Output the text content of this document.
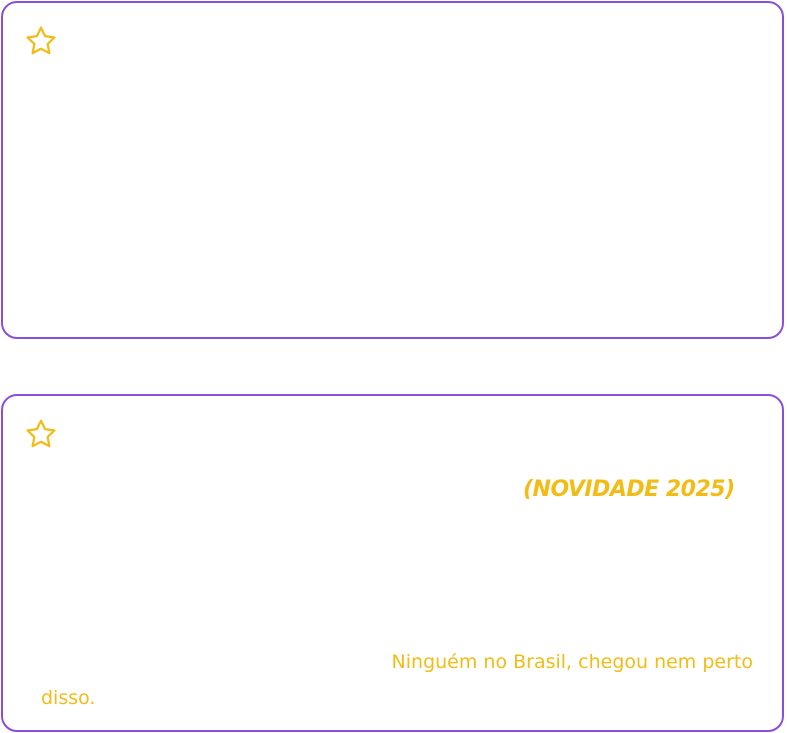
(NOVIDADE 2025)
Ninguém no Brasil, chegou nem perto
disso.
